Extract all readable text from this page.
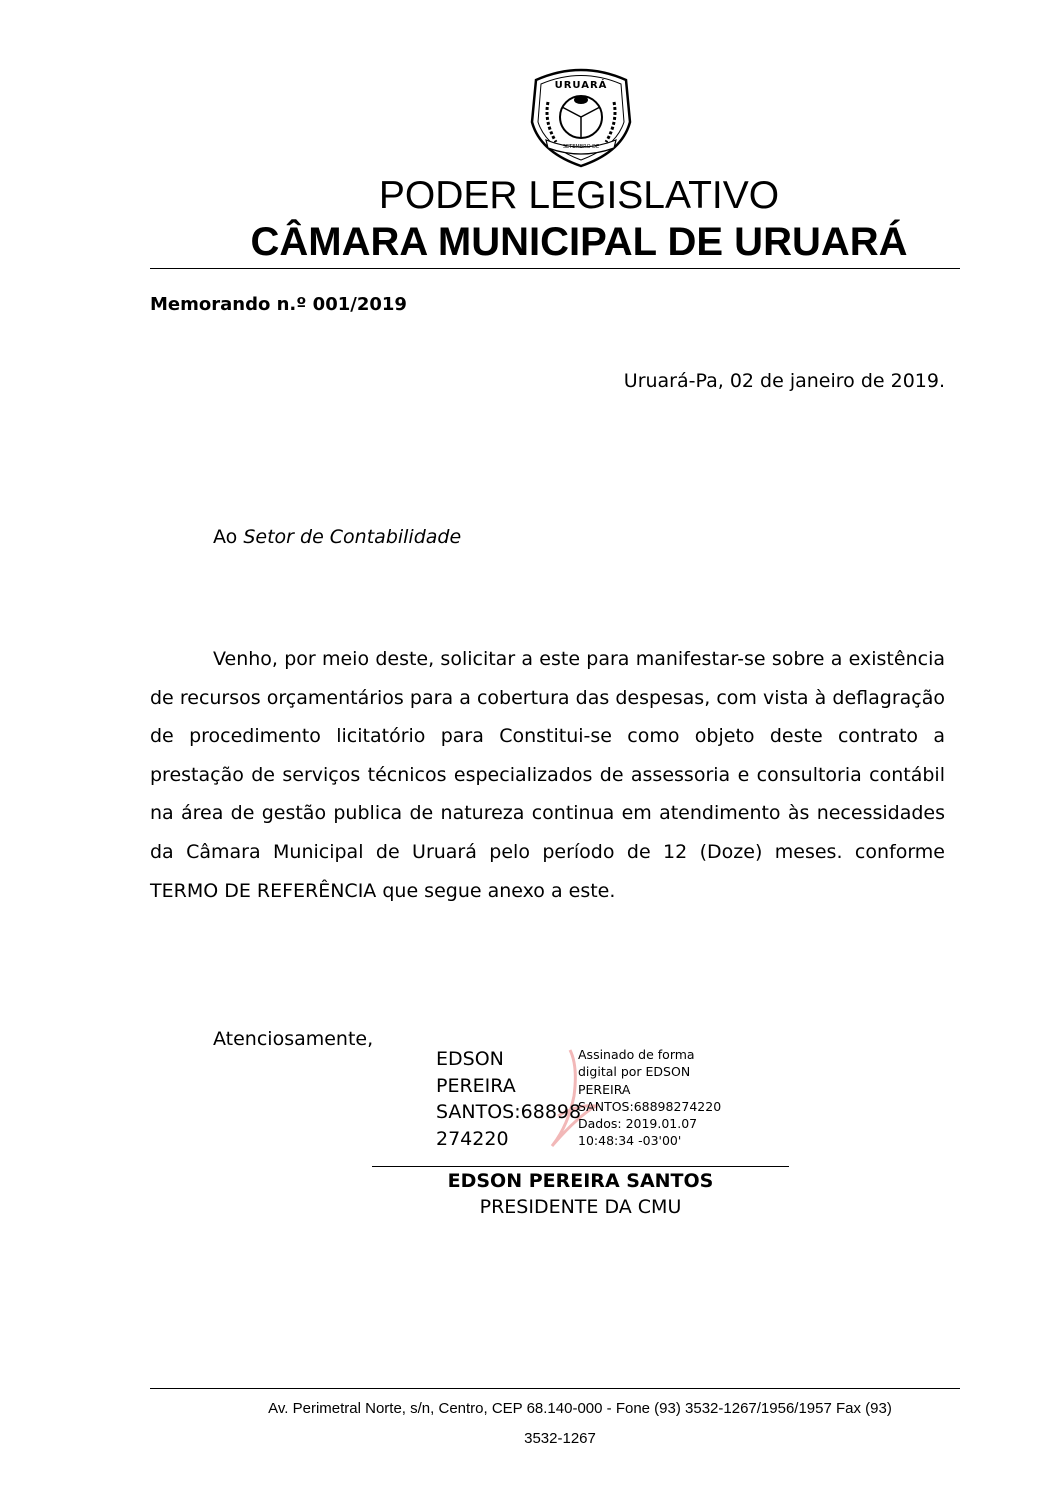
URUARÁ
SETEMBRO DE
PODER LEGISLATIVO
CÂMARA MUNICIPAL DE URUARÁ
Memorando n.º 001/2019
Uruará-Pa, 02 de janeiro de 2019.
Ao Setor de Contabilidade
Venho, por meio deste, solicitar a este para manifestar-se sobre a existência de recursos orçamentários para a cobertura das despesas, com vista à deflagração de procedimento licitatório para Constitui-se como objeto deste contrato a prestação de serviços técnicos especializados de assessoria e consultoria contábil na área de gestão publica de natureza continua em atendimento às necessidades da Câmara Municipal de Uruará pelo período de 12 (Doze) meses. conforme TERMO DE REFERÊNCIA que segue anexo a este.
Atenciosamente,
EDSON
PEREIRA
SANTOS:68898
274220
Assinado de forma
digital por EDSON
PEREIRA
SANTOS:68898274220
Dados: 2019.01.07
10:48:34 -03'00'
EDSON PEREIRA SANTOS
PRESIDENTE DA CMU
Av. Perimetral Norte, s/n, Centro, CEP 68.140-000 - Fone (93) 3532-1267/1956/1957 Fax (93)
3532-1267
